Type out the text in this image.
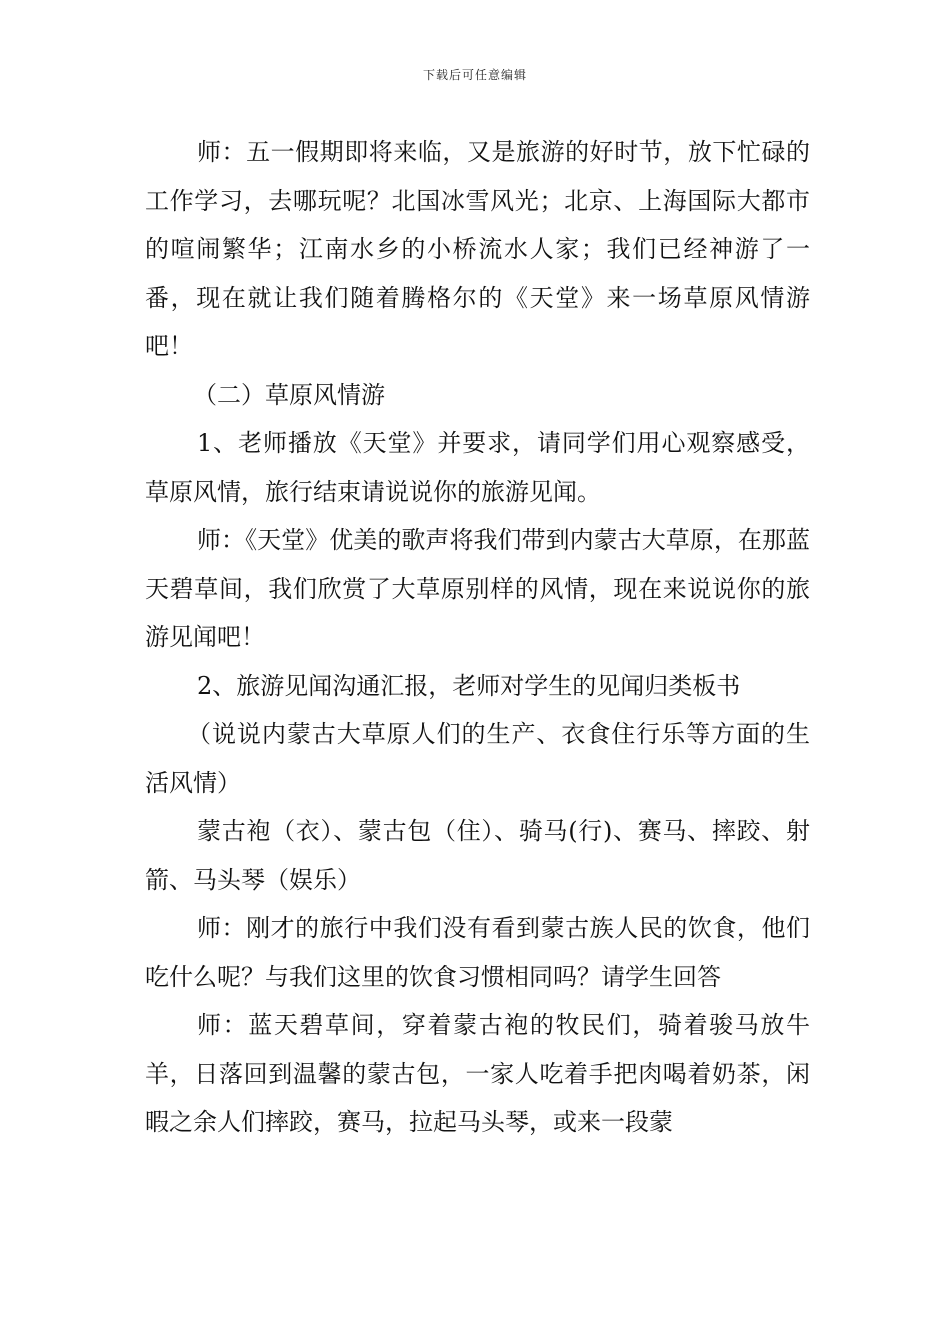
下载后可任意编辑

师：五一假期即将来临，又是旅游的好时节，放下忙碌的工作学习，去哪玩呢？北国冰雪风光；北京、上海国际大都市的喧闹繁华；江南水乡的小桥流水人家；我们已经神游了一番，现在就让我们随着腾格尔的《天堂》来一场草原风情游吧！

（二）草原风情游

1、老师播放《天堂》并要求，请同学们用心观察感受，草原风情，旅行结束请说说你的旅游见闻。

师：《天堂》优美的歌声将我们带到内蒙古大草原，在那蓝天碧草间，我们欣赏了大草原别样的风情，现在来说说你的旅游见闻吧！

2、旅游见闻沟通汇报，老师对学生的见闻归类板书

（说说内蒙古大草原人们的生产、衣食住行乐等方面的生活风情）

蒙古袍（衣）、蒙古包（住）、骑马(行)、赛马、摔跤、射箭、马头琴（娱乐）

师：刚才的旅行中我们没有看到蒙古族人民的饮食，他们吃什么呢？与我们这里的饮食习惯相同吗？请学生回答

师：蓝天碧草间，穿着蒙古袍的牧民们，骑着骏马放牛羊，日落回到温馨的蒙古包，一家人吃着手把肉喝着奶茶，闲暇之余人们摔跤，赛马，拉起马头琴，或来一段蒙
